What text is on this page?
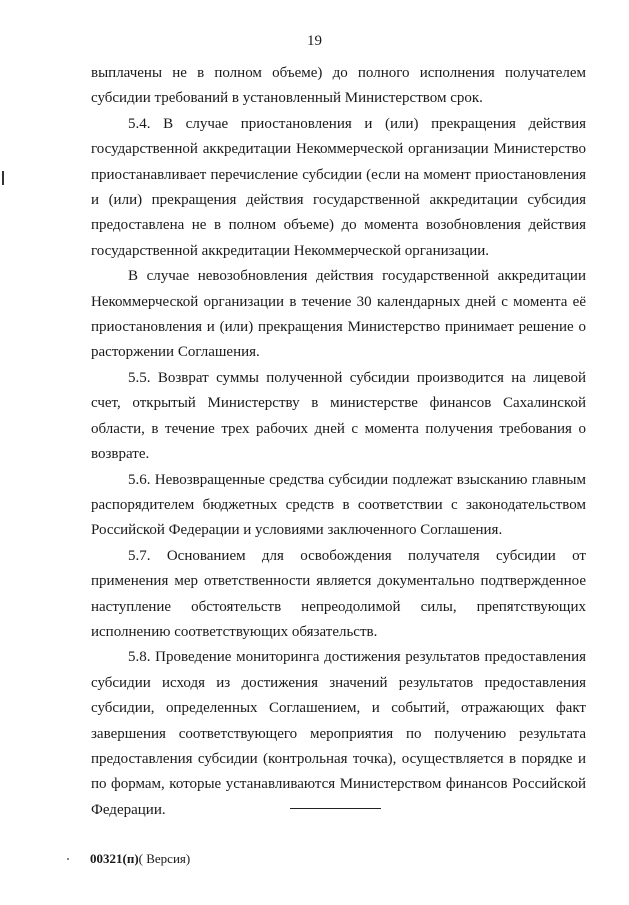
19

выплачены не в полном объеме) до полного исполнения получателем субсидии требований в установленный Министерством срок.

5.4. В случае приостановления и (или) прекращения действия государственной аккредитации Некоммерческой организации Министерство приостанавливает перечисление субсидии (если на момент приостановления и (или) прекращения действия государственной аккредитации субсидия предоставлена не в полном объеме) до момента возобновления действия государственной аккредитации Некоммерческой организации.

В случае невозобновления действия государственной аккредитации Некоммерческой организации в течение 30 календарных дней с момента её приостановления и (или) прекращения Министерство принимает решение о расторжении Соглашения.

5.5. Возврат суммы полученной субсидии производится на лицевой счет, открытый Министерству в министерстве финансов Сахалинской области, в течение трех рабочих дней с момента получения требования о возврате.

5.6. Невозвращенные средства субсидии подлежат взысканию главным распорядителем бюджетных средств в соответствии с законодательством Российской Федерации и условиями заключенного Соглашения.

5.7. Основанием для освобождения получателя субсидии от применения мер ответственности является документально подтвержденное наступление обстоятельств непреодолимой силы, препятствующих исполнению соответствующих обязательств.

5.8. Проведение мониторинга достижения результатов предоставления субсидии исходя из достижения значений результатов предоставления субсидии, определенных Соглашением, и событий, отражающих факт завершения соответствующего мероприятия по получению результата предоставления субсидии (контрольная точка), осуществляется в порядке и по формам, которые устанавливаются Министерством финансов Российской Федерации.

00321(п)( Версия)
